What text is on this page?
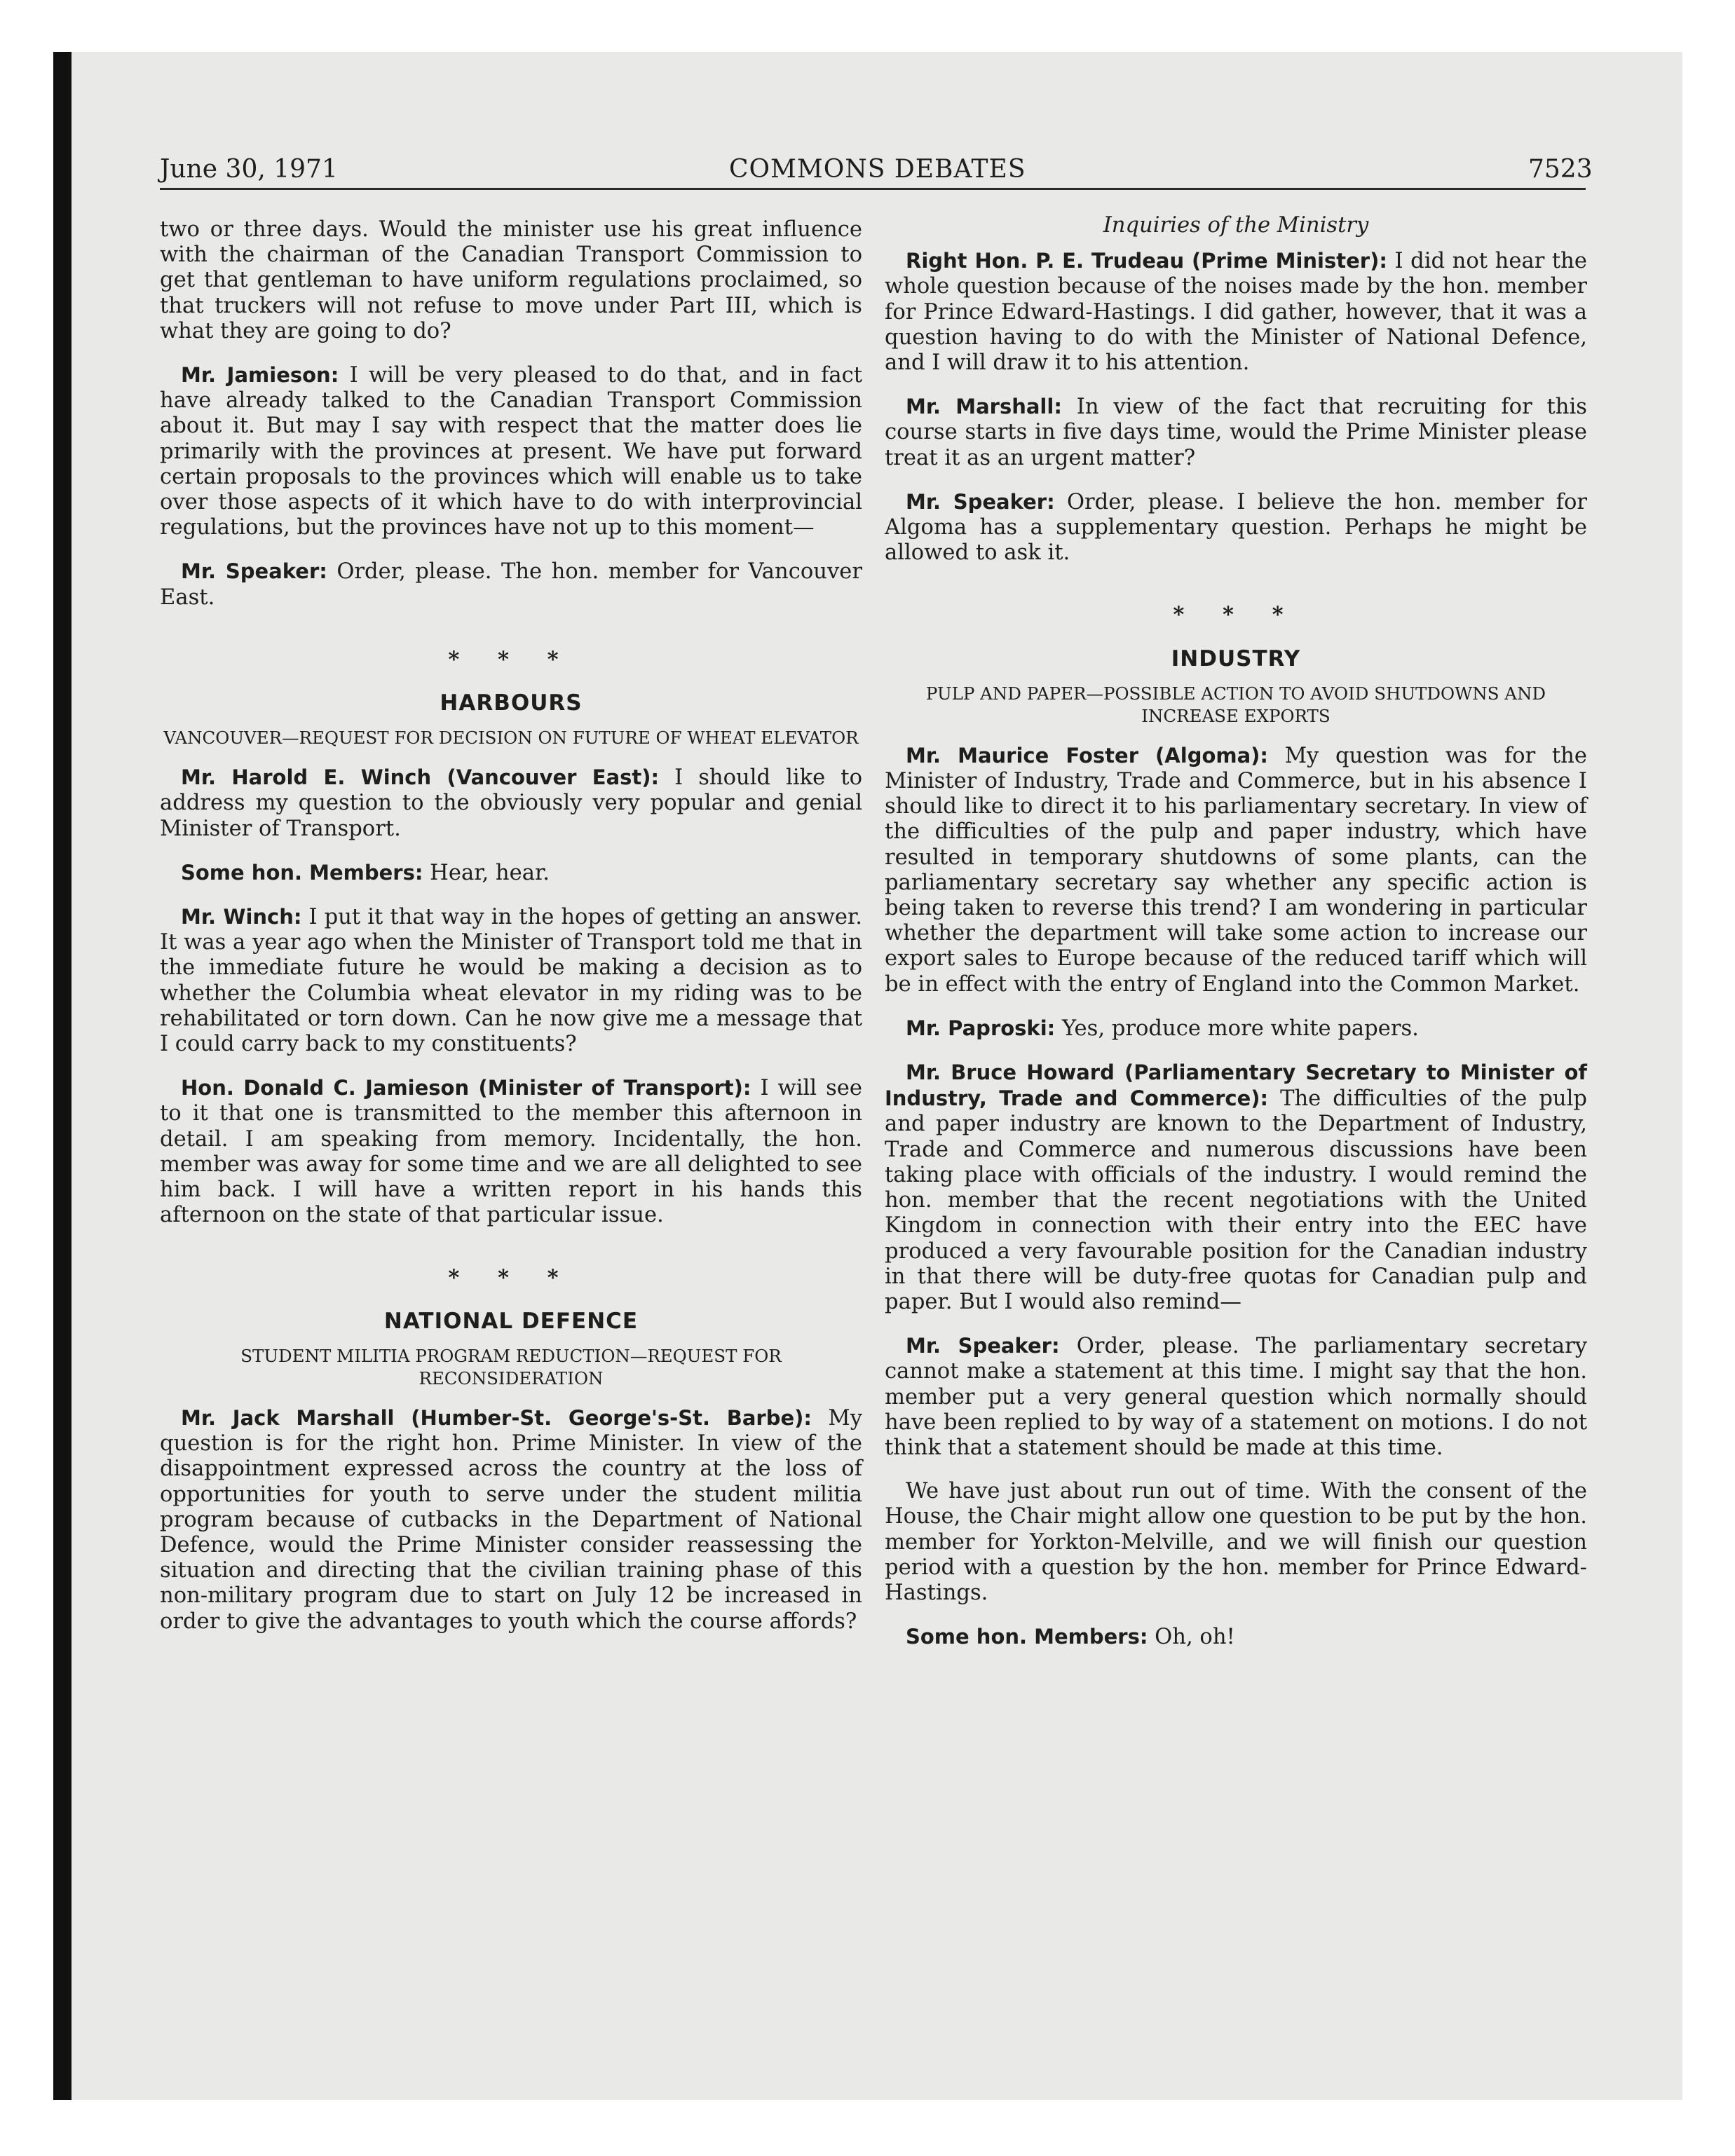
June 30, 1971	COMMONS DEBATES	7523

two or three days. Would the minister use his great influence with the chairman of the Canadian Transport Commission to get that gentleman to have uniform regulations proclaimed, so that truckers will not refuse to move under Part III, which is what they are going to do?

Mr. Jamieson: I will be very pleased to do that, and in fact have already talked to the Canadian Transport Commission about it. But may I say with respect that the matter does lie primarily with the provinces at present. We have put forward certain proposals to the provinces which will enable us to take over those aspects of it which have to do with interprovincial regulations, but the provinces have not up to this moment—

Mr. Speaker: Order, please. The hon. member for Vancouver East.

* * *
HARBOURS
VANCOUVER—REQUEST FOR DECISION ON FUTURE OF WHEAT ELEVATOR

Mr. Harold E. Winch (Vancouver East): I should like to address my question to the obviously very popular and genial Minister of Transport.

Some hon. Members: Hear, hear.

Mr. Winch: I put it that way in the hopes of getting an answer. It was a year ago when the Minister of Transport told me that in the immediate future he would be making a decision as to whether the Columbia wheat elevator in my riding was to be rehabilitated or torn down. Can he now give me a message that I could carry back to my constituents?

Hon. Donald C. Jamieson (Minister of Transport): I will see to it that one is transmitted to the member this afternoon in detail. I am speaking from memory. Incidentally, the hon. member was away for some time and we are all delighted to see him back. I will have a written report in his hands this afternoon on the state of that particular issue.

* * *
NATIONAL DEFENCE
STUDENT MILITIA PROGRAM REDUCTION—REQUEST FOR RECONSIDERATION

Mr. Jack Marshall (Humber-St. George's-St. Barbe): My question is for the right hon. Prime Minister. In view of the disappointment expressed across the country at the loss of opportunities for youth to serve under the student militia program because of cutbacks in the Department of National Defence, would the Prime Minister consider reassessing the situation and directing that the civilian training phase of this non-military program due to start on July 12 be increased in order to give the advantages to youth which the course affords?

Inquiries of the Ministry

Right Hon. P. E. Trudeau (Prime Minister): I did not hear the whole question because of the noises made by the hon. member for Prince Edward-Hastings. I did gather, however, that it was a question having to do with the Minister of National Defence, and I will draw it to his attention.

Mr. Marshall: In view of the fact that recruiting for this course starts in five days time, would the Prime Minister please treat it as an urgent matter?

Mr. Speaker: Order, please. I believe the hon. member for Algoma has a supplementary question. Perhaps he might be allowed to ask it.

* * *
INDUSTRY
PULP AND PAPER—POSSIBLE ACTION TO AVOID SHUTDOWNS AND INCREASE EXPORTS

Mr. Maurice Foster (Algoma): My question was for the Minister of Industry, Trade and Commerce, but in his absence I should like to direct it to his parliamentary secretary. In view of the difficulties of the pulp and paper industry, which have resulted in temporary shutdowns of some plants, can the parliamentary secretary say whether any specific action is being taken to reverse this trend? I am wondering in particular whether the department will take some action to increase our export sales to Europe because of the reduced tariff which will be in effect with the entry of England into the Common Market.

Mr. Paproski: Yes, produce more white papers.

Mr. Bruce Howard (Parliamentary Secretary to Minister of Industry, Trade and Commerce): The difficulties of the pulp and paper industry are known to the Department of Industry, Trade and Commerce and numerous discussions have been taking place with officials of the industry. I would remind the hon. member that the recent negotiations with the United Kingdom in connection with their entry into the EEC have produced a very favourable position for the Canadian industry in that there will be duty-free quotas for Canadian pulp and paper. But I would also remind—

Mr. Speaker: Order, please. The parliamentary secretary cannot make a statement at this time. I might say that the hon. member put a very general question which normally should have been replied to by way of a statement on motions. I do not think that a statement should be made at this time.

We have just about run out of time. With the consent of the House, the Chair might allow one question to be put by the hon. member for Yorkton-Melville, and we will finish our question period with a question by the hon. member for Prince Edward-Hastings.

Some hon. Members: Oh, oh!
